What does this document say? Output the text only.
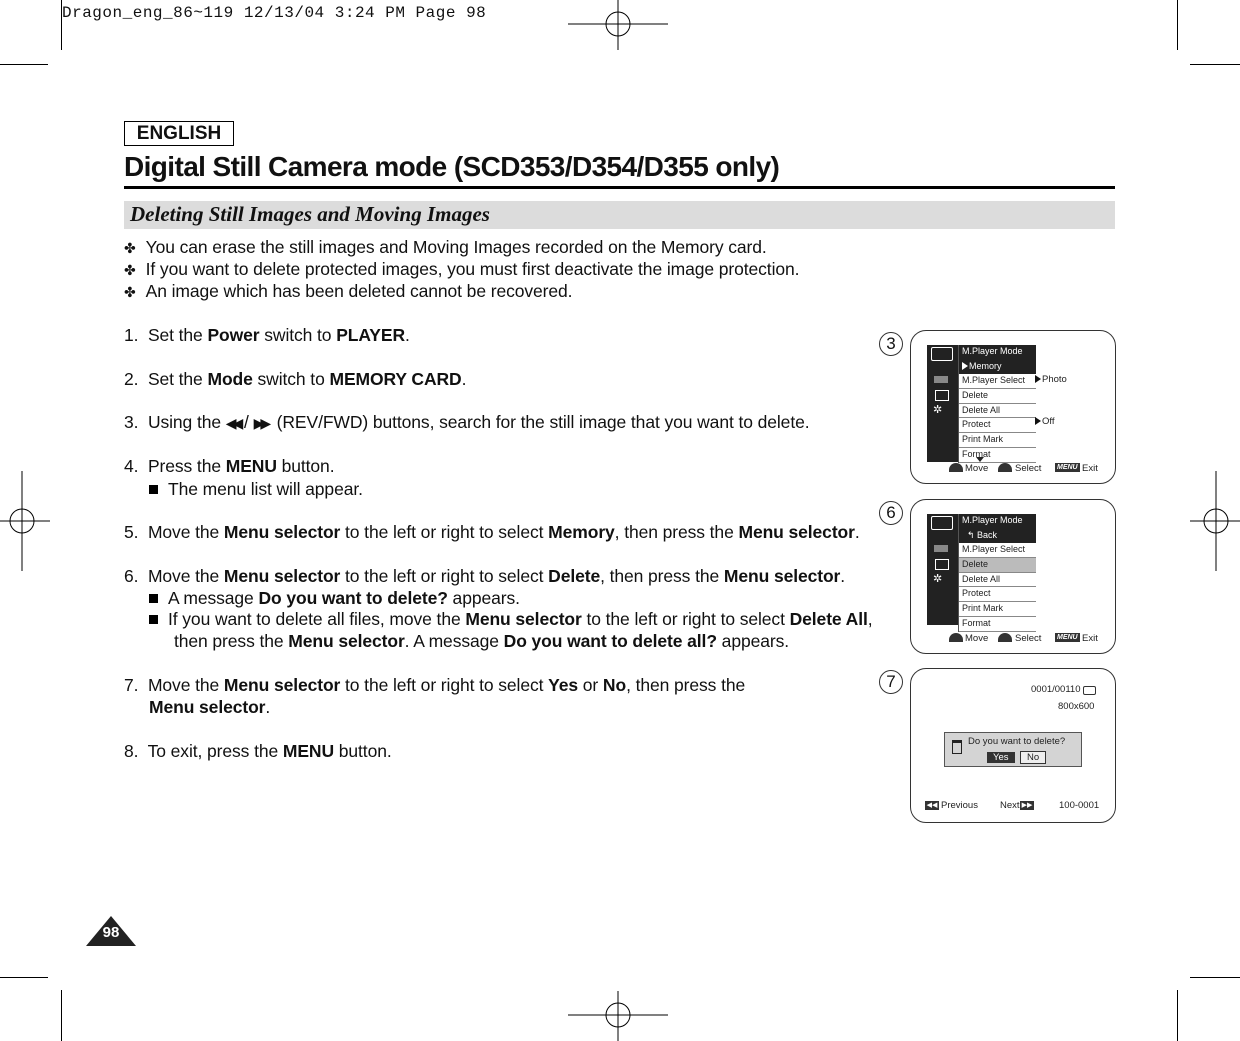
Dragon_eng_86~119 12/13/04 3:24 PM Page 98
ENGLISH
Digital Still Camera mode (SCD353/D354/D355 only)
Deleting Still Images and Moving Images
✤ You can erase the still images and Moving Images recorded on the Memory card.
✤ If you want to delete protected images, you must first deactivate the image protection.
✤ An image which has been deleted cannot be recovered.
1. Set the Power switch to PLAYER.
2. Set the Mode switch to MEMORY CARD.
3. Using the ◀◀ / ▶▶ (REV/FWD) buttons, search for the still image that you want to delete.
4. Press the MENU button.
The menu list will appear.
5. Move the Menu selector to the left or right to select Memory, then press the Menu selector.
6. Move the Menu selector to the left or right to select Delete, then press the Menu selector.
A message Do you want to delete? appears.
If you want to delete all files, move the Menu selector to the left or right to select Delete All,
then press the Menu selector. A message Do you want to delete all? appears.
7. Move the Menu selector to the left or right to select Yes or No, then press the
Menu selector.
8. To exit, press the MENU button.
3
✲
M.Player Mode
Memory
M.Player Select
Delete
Delete All
Protect
Print Mark
Format
Photo
Off
Move	Select MENU Exit
6
✲
M.Player Mode
↰ Back
M.Player Select
Delete
Delete All
Protect
Print Mark
Format
Move	Select MENU Exit
7	0001/00110
800x600
Do you want to delete?
Yes	No
◀◀ Previous Next ▶▶	100-0001
98
